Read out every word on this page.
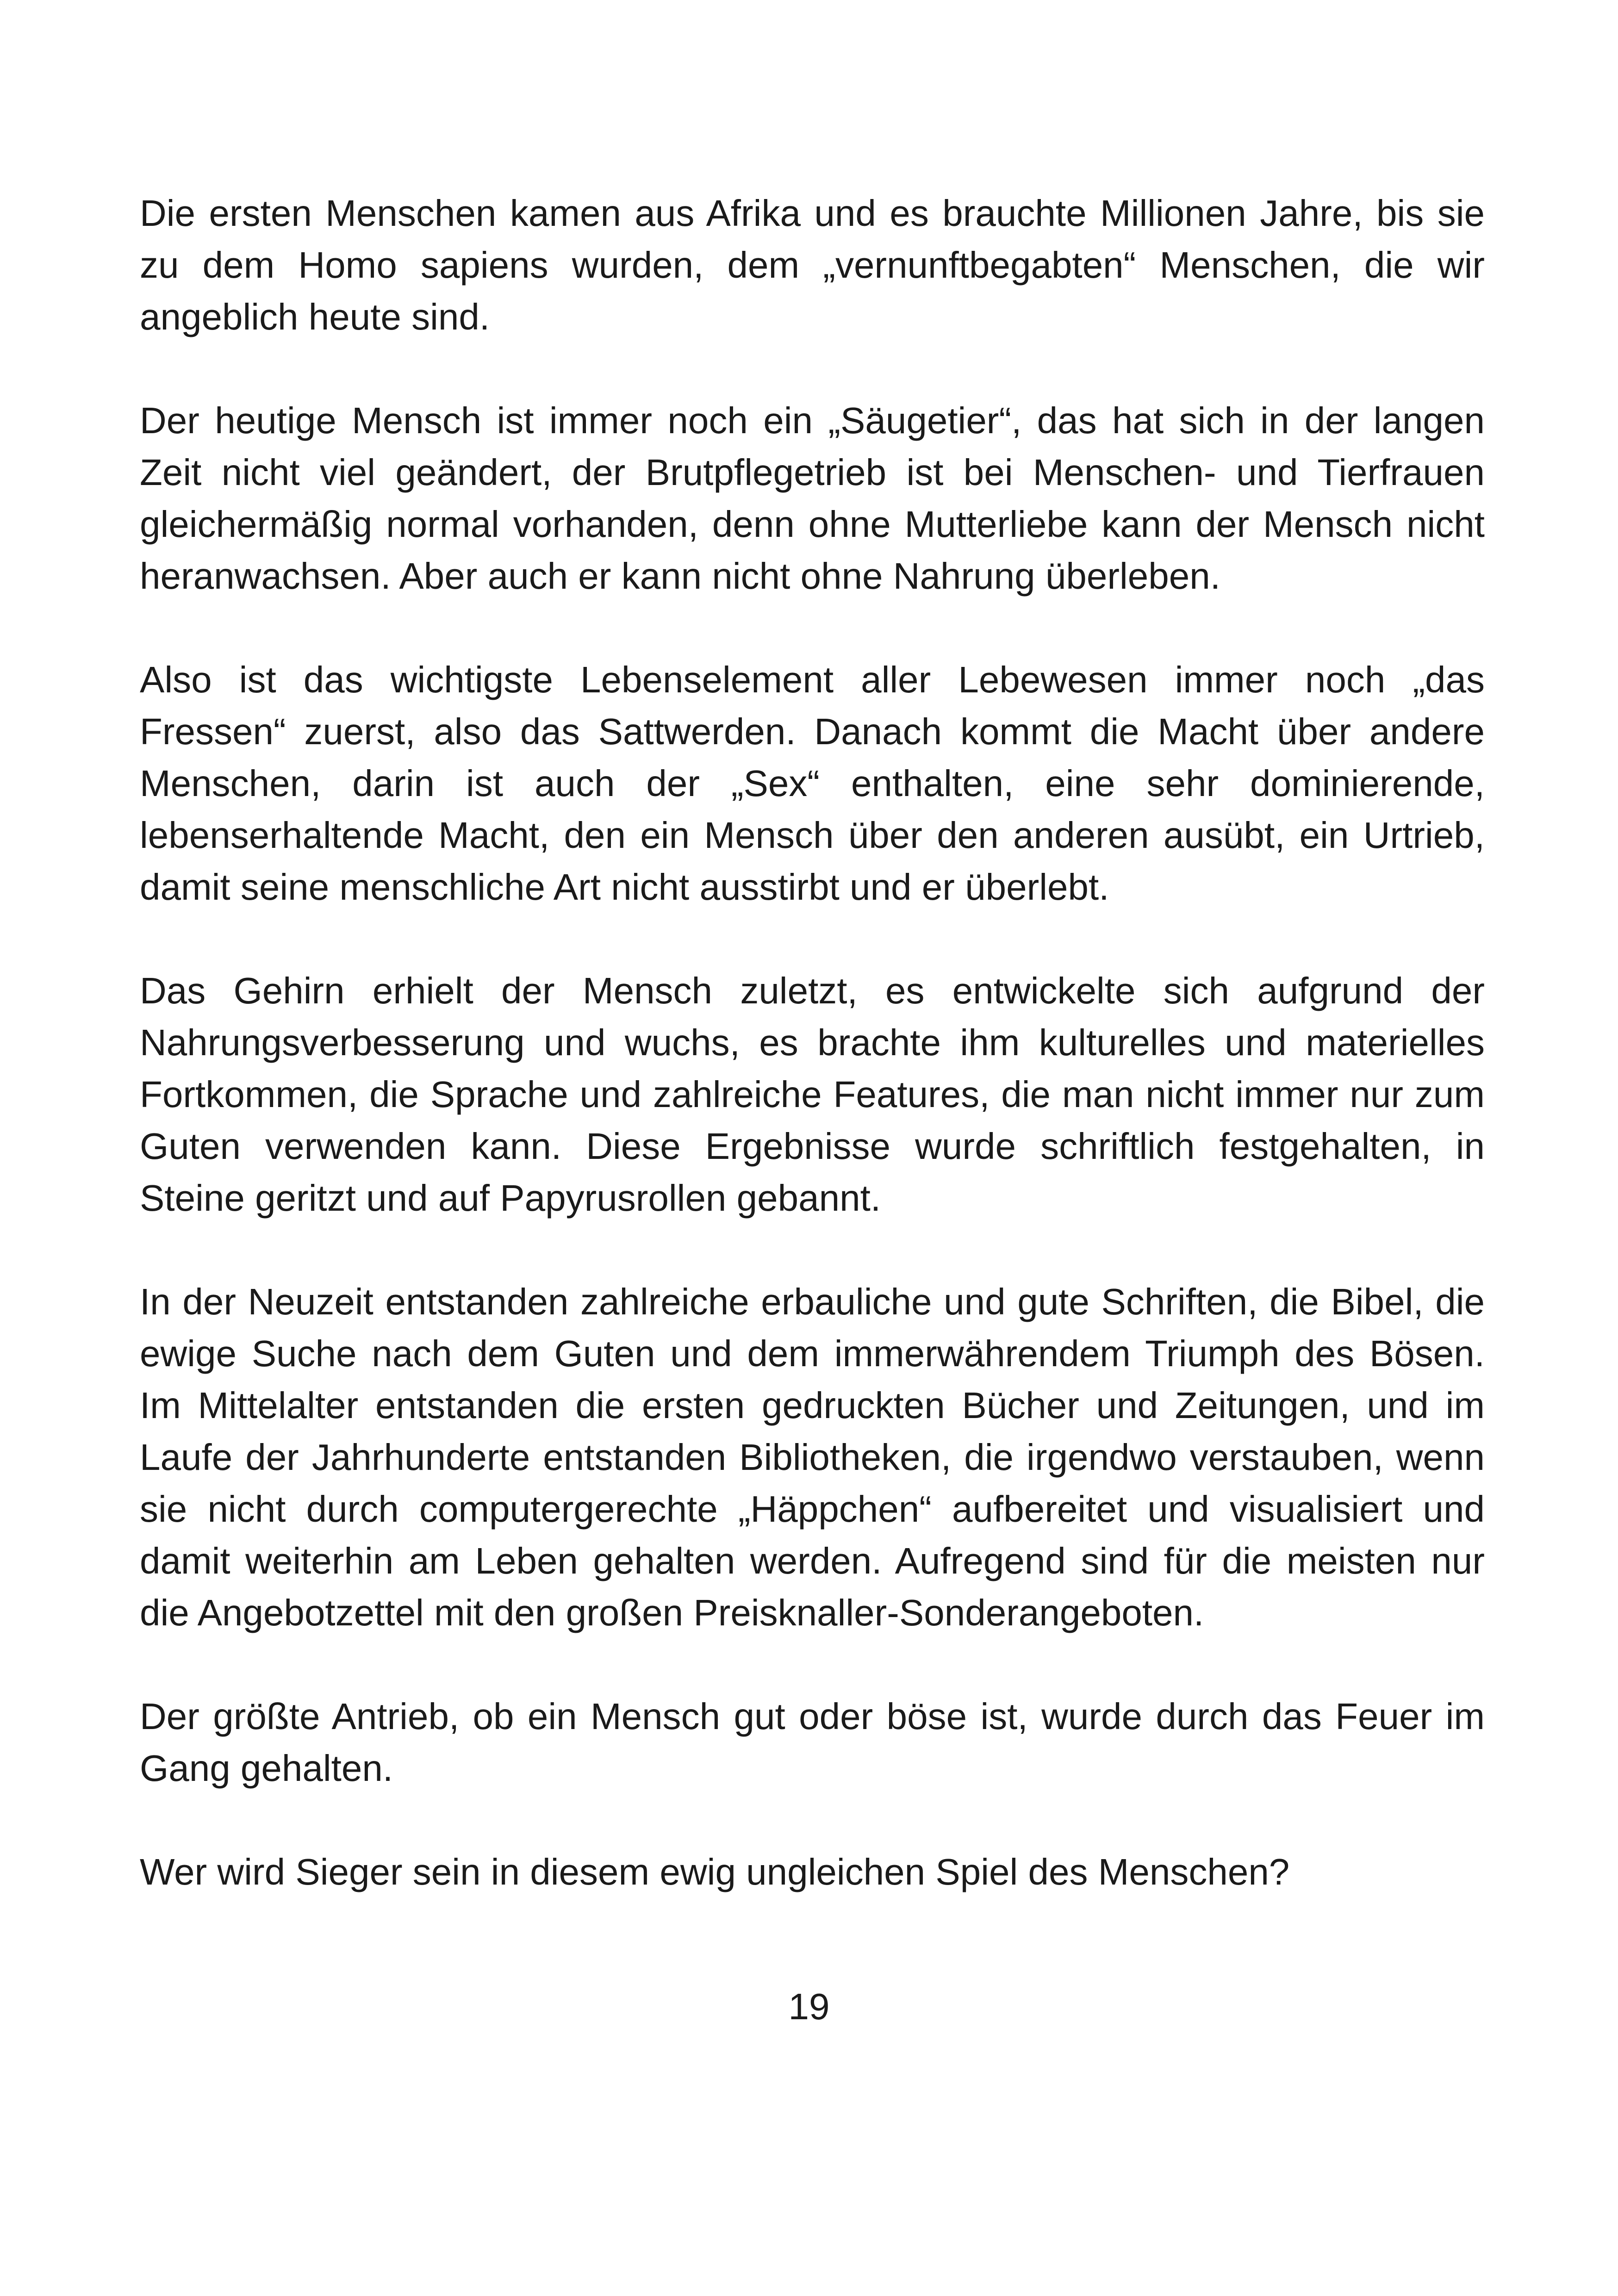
Die ersten Menschen kamen aus Afrika und es brauchte Millionen Jahre, bis sie zu dem Homo sapiens wurden, dem „vernunftbegabten“ Menschen, die wir angeblich heute sind.

Der heutige Mensch ist immer noch ein „Säugetier“, das hat sich in der langen Zeit nicht viel geändert, der Brutpflegetrieb ist bei Menschen- und Tierfrauen gleichermäßig normal vorhanden, denn ohne Mutterliebe kann der Mensch nicht heranwachsen. Aber auch er kann nicht ohne Nahrung überleben.

Also ist das wichtigste Lebenselement aller Lebewesen immer noch „das Fressen“ zuerst, also das Sattwerden. Danach kommt die Macht über andere Menschen, darin ist auch der „Sex“ enthalten, eine sehr dominierende, lebenserhaltende Macht, den ein Mensch über den anderen ausübt, ein Urtrieb, damit seine menschliche Art nicht ausstirbt und er überlebt.

Das Gehirn erhielt der Mensch zuletzt, es entwickelte sich aufgrund der Nahrungsverbesserung und wuchs, es brachte ihm kulturelles und materielles Fortkommen, die Sprache und zahlreiche Features, die man nicht immer nur zum Guten verwenden kann. Diese Ergebnisse wurde schriftlich festgehalten, in Steine geritzt und auf Papyrusrollen gebannt.

In der Neuzeit entstanden zahlreiche erbauliche und gute Schriften, die Bibel, die ewige Suche nach dem Guten und dem immerwährendem Triumph des Bösen. Im Mittelalter entstanden die ersten gedruckten Bücher und Zeitungen, und im Laufe der Jahrhunderte entstanden Bibliotheken, die irgendwo verstauben, wenn sie nicht durch computergerechte „Häppchen“ aufbereitet und visualisiert und damit weiterhin am Leben gehalten werden. Aufregend sind für die meisten nur die Angebotzettel mit den großen Preisknaller-Sonderangeboten.

Der größte Antrieb, ob ein Mensch gut oder böse ist, wurde durch das Feuer im Gang gehalten.

Wer wird Sieger sein in diesem ewig ungleichen Spiel des Menschen?

19
